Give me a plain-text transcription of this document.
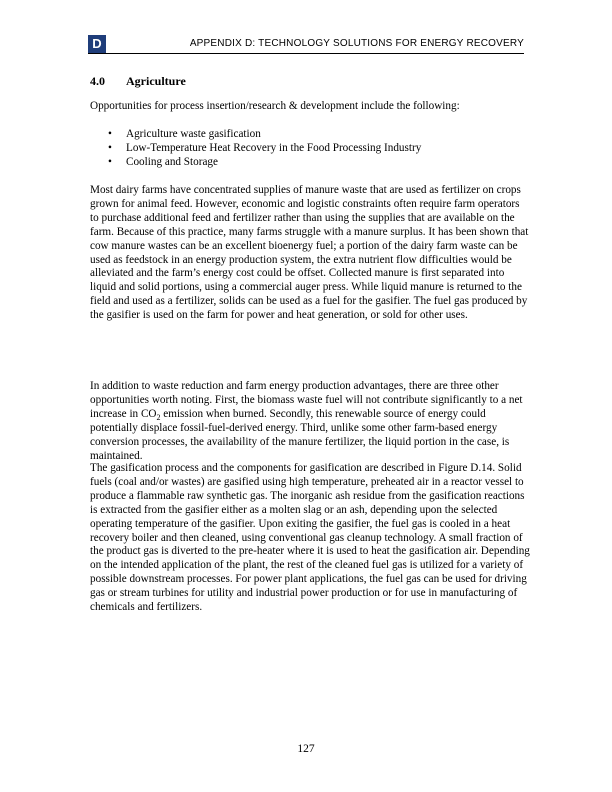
D	APPENDIX D: TECHNOLOGY SOLUTIONS FOR ENERGY RECOVERY
4.0 Agriculture

Opportunities for process insertion/research & development include the following:

• Agriculture waste gasification
• Low-Temperature Heat Recovery in the Food Processing Industry
• Cooling and Storage

Most dairy farms have concentrated supplies of manure waste that are used as fertilizer on crops grown for animal feed. However, economic and logistic constraints often require farm operators to purchase additional feed and fertilizer rather than using the supplies that are available on the farm. Because of this practice, many farms struggle with a manure surplus. It has been shown that cow manure wastes can be an excellent bioenergy fuel; a portion of the dairy farm waste can be used as feedstock in an energy production system, the extra nutrient flow difficulties would be alleviated and the farm’s energy cost could be offset. Collected manure is first separated into liquid and solid portions, using a commercial auger press. While liquid manure is returned to the field and used as a fertilizer, solids can be used as a fuel for the gasifier. The fuel gas produced by the gasifier is used on the farm for power and heat generation, or sold for other uses.

In addition to waste reduction and farm energy production advantages, there are three other opportunities worth noting. First, the biomass waste fuel will not contribute significantly to a net increase in $CO_2$ emission when burned. Secondly, this renewable source of energy could potentially displace fossil-fuel-derived energy. Third, unlike some other farm-based energy conversion processes, the availability of the manure fertilizer, the liquid portion in the case, is maintained.

The gasification process and the components for gasification are described in Figure D.14. Solid fuels (coal and/or wastes) are gasified using high temperature, preheated air in a reactor vessel to produce a flammable raw synthetic gas. The inorganic ash residue from the gasification reactions is extracted from the gasifier either as a molten slag or an ash, depending upon the selected operating temperature of the gasifier. Upon exiting the gasifier, the fuel gas is cooled in a heat recovery boiler and then cleaned, using conventional gas cleanup technology. A small fraction of the product gas is diverted to the pre-heater where it is used to heat the gasification air. Depending on the intended application of the plant, the rest of the cleaned fuel gas is utilized for a variety of possible downstream processes. For power plant applications, the fuel gas can be used for driving gas or stream turbines for utility and industrial power production or for use in manufacturing of chemicals and fertilizers.

127
